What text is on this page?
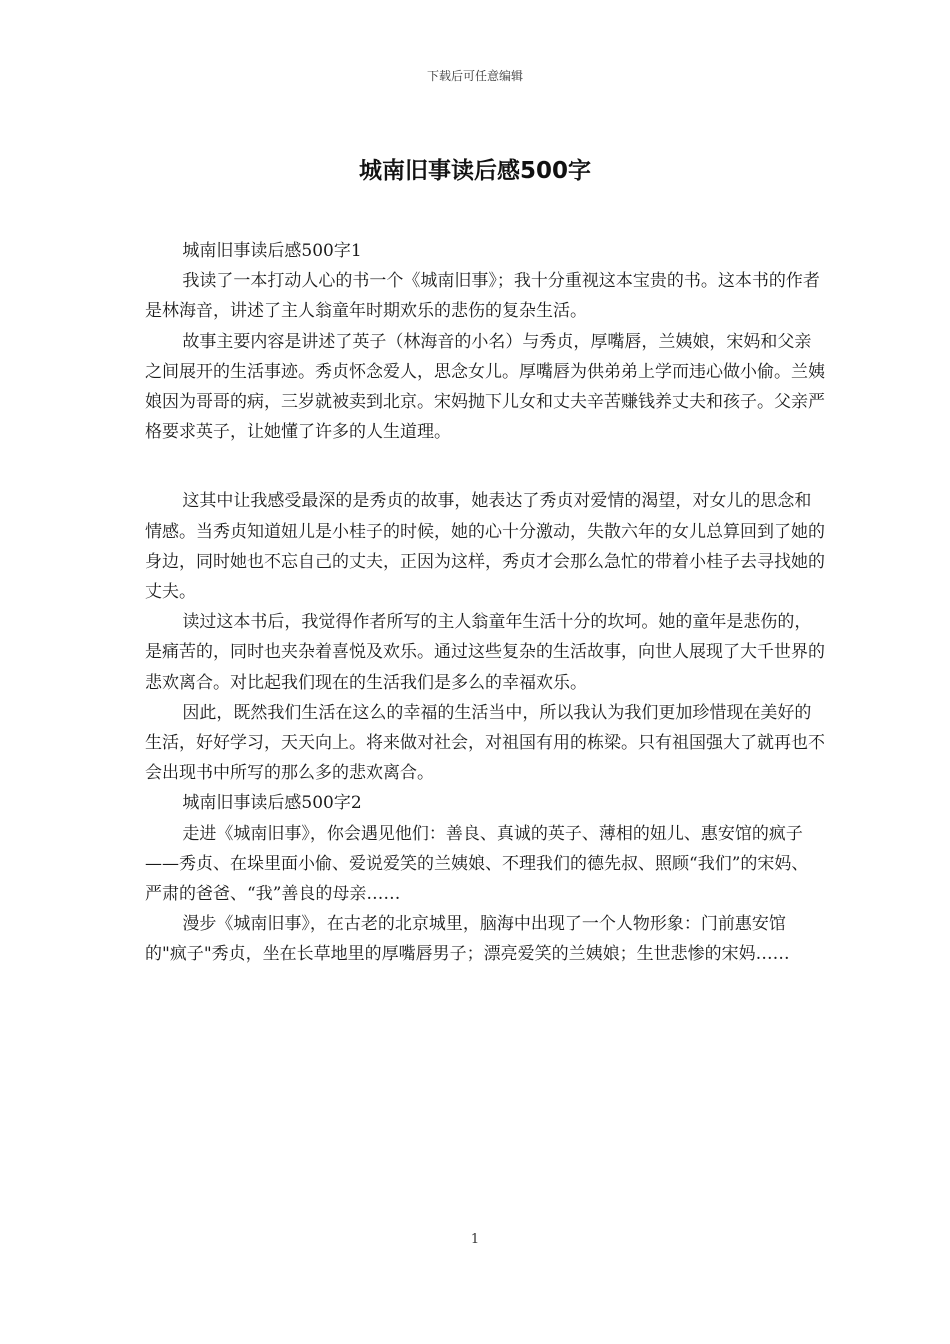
下载后可任意编辑
城南旧事读后感500字

城南旧事读后感500字1

我读了一本打动人心的书一个《城南旧事》；我十分重视这本宝贵的书。这本书的作者是林海音，讲述了主人翁童年时期欢乐的悲伤的复杂生活。

故事主要内容是讲述了英子（林海音的小名）与秀贞，厚嘴唇，兰姨娘，宋妈和父亲之间展开的生活事迹。秀贞怀念爱人，思念女儿。厚嘴唇为供弟弟上学而违心做小偷。兰姨娘因为哥哥的病，三岁就被卖到北京。宋妈抛下儿女和丈夫辛苦赚钱养丈夫和孩子。父亲严格要求英子，让她懂了许多的人生道理。

这其中让我感受最深的是秀贞的故事，她表达了秀贞对爱情的渴望，对女儿的思念和情感。当秀贞知道妞儿是小桂子的时候，她的心十分激动，失散六年的女儿总算回到了她的身边，同时她也不忘自己的丈夫，正因为这样，秀贞才会那么急忙的带着小桂子去寻找她的丈夫。

读过这本书后，我觉得作者所写的主人翁童年生活十分的坎坷。她的童年是悲伤的，是痛苦的，同时也夹杂着喜悦及欢乐。通过这些复杂的生活故事，向世人展现了大千世界的悲欢离合。对比起我们现在的生活我们是多么的幸福欢乐。

因此，既然我们生活在这么的幸福的生活当中，所以我认为我们更加珍惜现在美好的生活，好好学习，天天向上。将来做对社会，对祖国有用的栋梁。只有祖国强大了就再也不会出现书中所写的那么多的悲欢离合。

城南旧事读后感500字2

走进《城南旧事》，你会遇见他们：善良、真诚的英子、薄相的妞儿、惠安馆的疯子——秀贞、在垛里面小偷、爱说爱笑的兰姨娘、不理我们的德先叔、照顾“我们”的宋妈、严肃的爸爸、“我”善良的母亲……

漫步《城南旧事》，在古老的北京城里，脑海中出现了一个人物形象：门前惠安馆的"疯子"秀贞，坐在长草地里的厚嘴唇男子；漂亮爱笑的兰姨娘；生世悲惨的宋妈……

1
